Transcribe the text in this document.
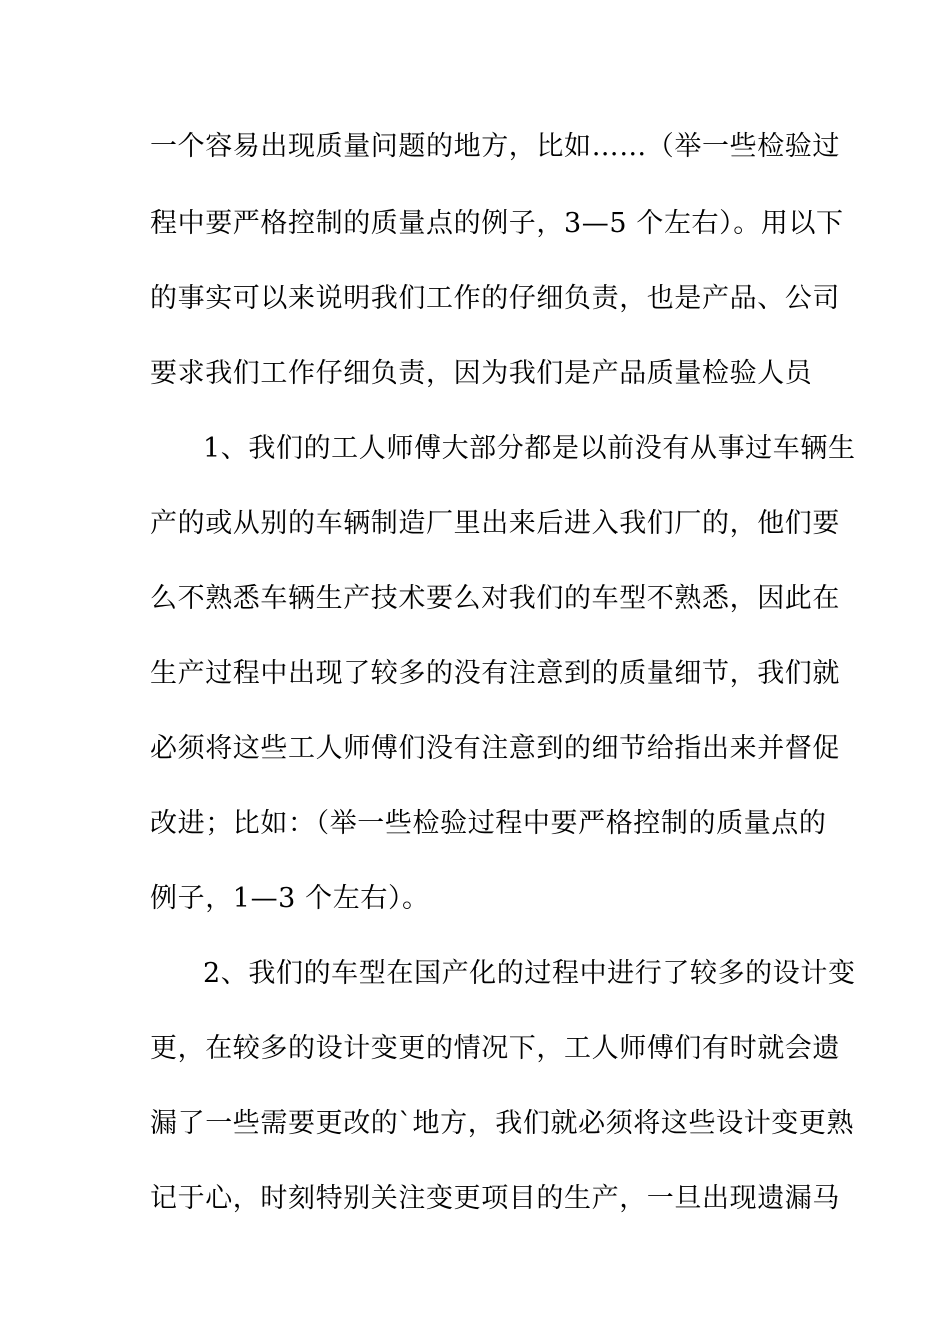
一个容易出现质量问题的地方，比如……（举一些检验过
程中要严格控制的质量点的例子，3—5 个左右）。用以下
的事实可以来说明我们工作的仔细负责，也是产品、公司
要求我们工作仔细负责，因为我们是产品质量检验人员
1、我们的工人师傅大部分都是以前没有从事过车辆生
产的或从别的车辆制造厂里出来后进入我们厂的，他们要
么不熟悉车辆生产技术要么对我们的车型不熟悉，因此在
生产过程中出现了较多的没有注意到的质量细节，我们就
必须将这些工人师傅们没有注意到的细节给指出来并督促
改进；比如：（举一些检验过程中要严格控制的质量点的
例子，1—3 个左右）。
2、我们的车型在国产化的过程中进行了较多的设计变
更，在较多的设计变更的情况下，工人师傅们有时就会遗
漏了一些需要更改的`地方，我们就必须将这些设计变更熟
记于心，时刻特别关注变更项目的生产，一旦出现遗漏马
